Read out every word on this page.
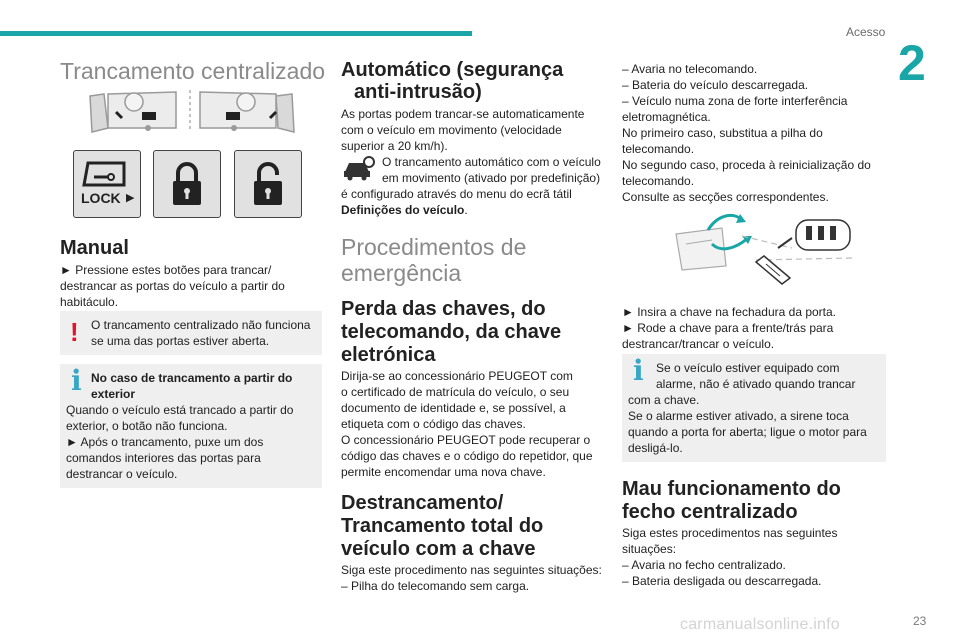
Acesso
2
Trancamento centralizado
LOCK ▶
Manual
► Pressione estes botões para trancar/
destrancar as portas do veículo a partir do
habitáculo.
! O trancamento centralizado não funciona
se uma das portas estiver aberta.
i No caso de trancamento a partir do
exterior
Quando o veículo está trancado a partir do
exterior, o botão não funciona.
► Após o trancamento, puxe um dos
comandos interiores das portas para
destrancar o veículo.
Automático (segurança
anti-intrusão)
As portas podem trancar-se automaticamente
com o veículo em movimento (velocidade
superior a 20 km/h).
O trancamento automático com o veículo
em movimento (ativado por predefinição)
é configurado através do menu do ecrã tátil
Definições do veículo.
Procedimentos de
emergência
Perda das chaves, do
telecomando, da chave
eletrónica
Dirija-se ao concessionário PEUGEOT com
o certificado de matrícula do veículo, o seu
documento de identidade e, se possível, a
etiqueta com o código das chaves.
O concessionário PEUGEOT pode recuperar o
código das chaves e o código do repetidor, que
permite encomendar uma nova chave.
Destrancamento/
Trancamento total do
veículo com a chave
Siga este procedimento nas seguintes situações:
– Pilha do telecomando sem carga.
– Avaria no telecomando.
– Bateria do veículo descarregada.
– Veículo numa zona de forte interferência
eletromagnética.
No primeiro caso, substitua a pilha do
telecomando.
No segundo caso, proceda à reinicialização do
telecomando.
Consulte as secções correspondentes.
► Insira a chave na fechadura da porta.
► Rode a chave para a frente/trás para
destrancar/trancar o veículo.
i Se o veículo estiver equipado com
alarme, não é ativado quando trancar
com a chave.
Se o alarme estiver ativado, a sirene toca
quando a porta for aberta; ligue o motor para
desligá-lo.
Mau funcionamento do
fecho centralizado
Siga estes procedimentos nas seguintes
situações:
– Avaria no fecho centralizado.
– Bateria desligada ou descarregada.
carmanualsonline.info	23
